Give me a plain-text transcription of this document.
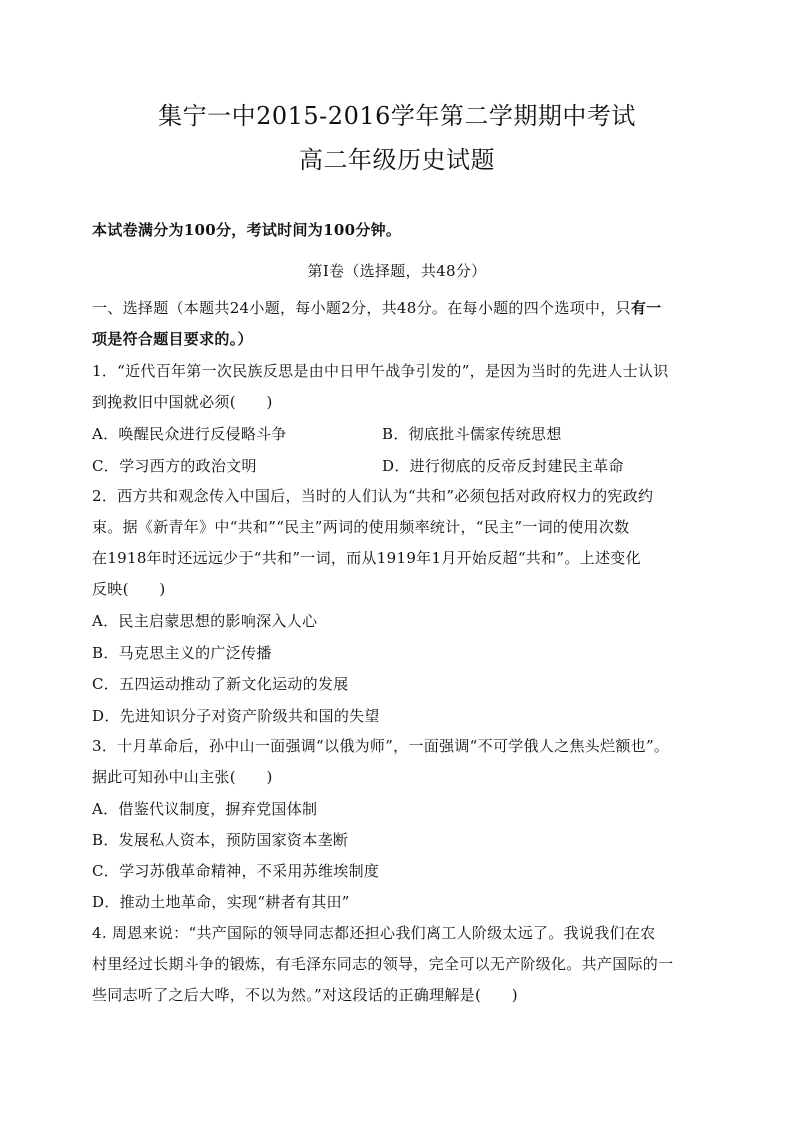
集宁一中2015-2016学年第二学期期中考试
高二年级历史试题
本试卷满分为100分，考试时间为100分钟。
第Ⅰ卷（选择题，共48分）
一、选择题（本题共24小题，每小题2分，共48分。在每小题的四个选项中，只有一
项是符合题目要求的。）
1．“近代百年第一次民族反思是由中日甲午战争引发的”，是因为当时的先进人士认识
到挽救旧中国就必须(　　)
A．唤醒民众进行反侵略斗争	B．彻底批斗儒家传统思想
C．学习西方的政治文明	D．进行彻底的反帝反封建民主革命
2．西方共和观念传入中国后，当时的人们认为“共和”必须包括对政府权力的宪政约
束。据《新青年》中“共和”“民主”两词的使用频率统计，“民主”一词的使用次数
在1918年时还远远少于“共和”一词，而从1919年1月开始反超“共和”。上述变化
反映(　　)
A．民主启蒙思想的影响深入人心
B．马克思主义的广泛传播
C．五四运动推动了新文化运动的发展
D．先进知识分子对资产阶级共和国的失望
3．十月革命后，孙中山一面强调“以俄为师”，一面强调“不可学俄人之焦头烂额也”。
据此可知孙中山主张(　　)
A．借鉴代议制度，摒弃党国体制
B．发展私人资本，预防国家资本垄断
C．学习苏俄革命精神，不采用苏维埃制度
D．推动土地革命，实现“耕者有其田”
4. 周恩来说：“共产国际的领导同志都还担心我们离工人阶级太远了。我说我们在农
村里经过长期斗争的锻炼，有毛泽东同志的领导，完全可以无产阶级化。共产国际的一
些同志听了之后大哗，不以为然。”对这段话的正确理解是(　　)
